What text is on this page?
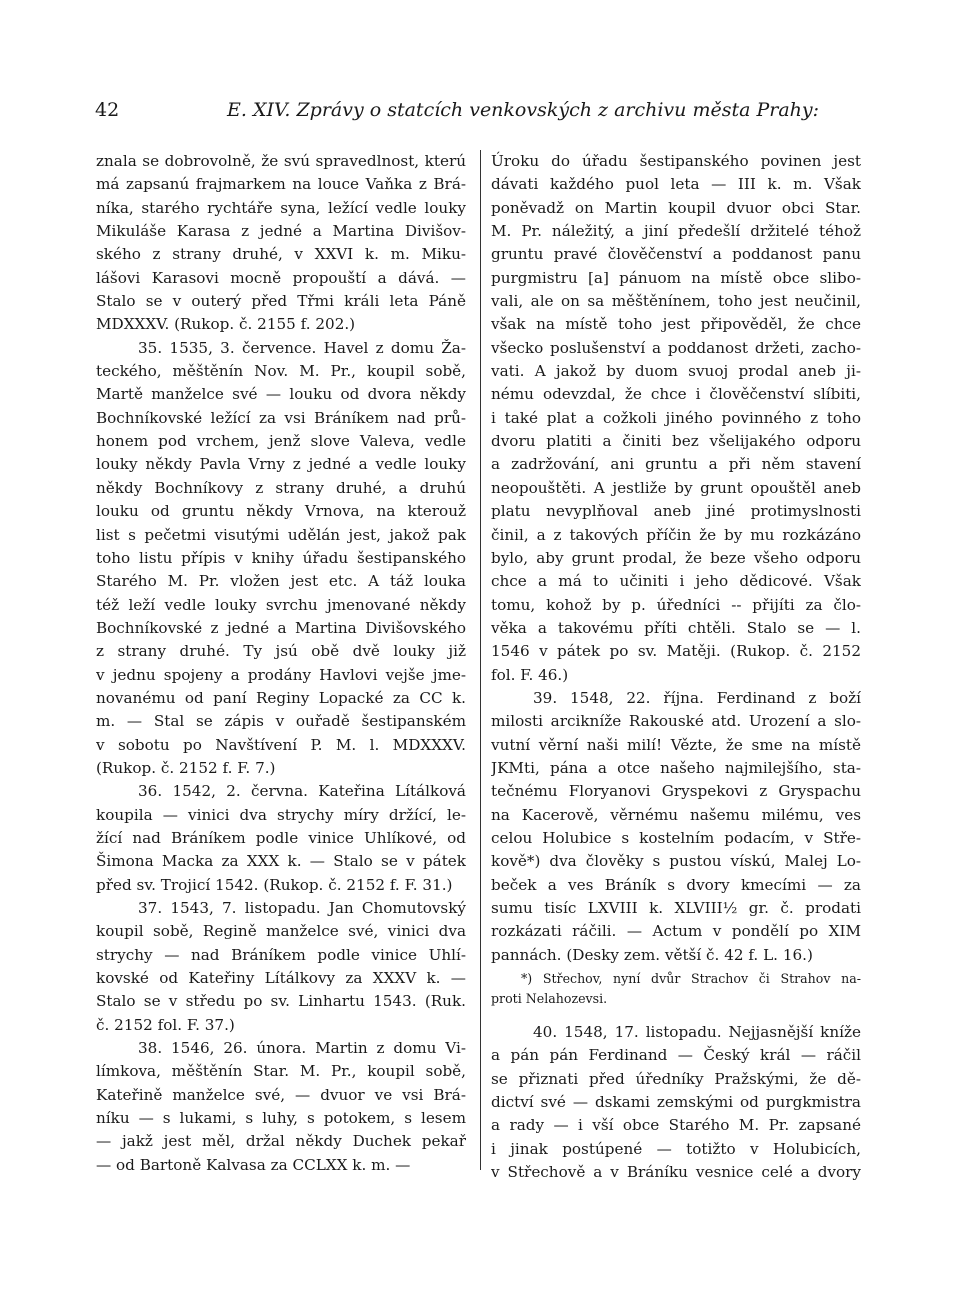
42	E. XIV. Zprávy o statcích venkovských z archivu města Prahy:
znala se dobrovolně, že svú spravedlnost, kterú
má zapsanú frajmarkem na louce Vaňka z Brá-
níka, starého rychtáře syna, ležící vedle louky
Mikuláše Karasa z jedné a Martina Divišov-
ského z strany druhé, v XXVI k. m. Miku-
lášovi Karasovi mocně propouští a dává. —
Stalo se v outerý před Třmi králi leta Páně
MDXXXV. (Rukop. č. 2155 f. 202.)
35. 1535, 3. července. Havel z domu Ža-
teckého, měštěnín Nov. M. Pr., koupil sobě,
Martě manželce své — louku od dvora někdy
Bochníkovské ležící za vsi Bráníkem nad prů-
honem pod vrchem, jenž slove Valeva, vedle
louky někdy Pavla Vrny z jedné a vedle louky
někdy Bochníkovy z strany druhé, a druhú
louku od gruntu někdy Vrnova, na kterouž
list s pečetmi visutými udělán jest, jakož pak
toho listu přípis v knihy úřadu šestipanského
Starého M. Pr. vložen jest etc. A táž louka
též leží vedle louky svrchu jmenované někdy
Bochníkovské z jedné a Martina Divišovského
z strany druhé. Ty jsú obě dvě louky již
v jednu spojeny a prodány Havlovi vejše jme-
novanému od paní Reginy Lopacké za CC k.
m. — Stal se zápis v ouřadě šestipanském
v sobotu po Navštívení P. M. l. MDXXXV.
(Rukop. č. 2152 f. F. 7.)
36. 1542, 2. června. Kateřina Lítálková
koupila — vinici dva strychy míry držící, le-
žící nad Bráníkem podle vinice Uhlíkové, od
Šimona Macka za XXX k. — Stalo se v pátek
před sv. Trojicí 1542. (Rukop. č. 2152 f. F. 31.)
37. 1543, 7. listopadu. Jan Chomutovský
koupil sobě, Regině manželce své, vinici dva
strychy — nad Bráníkem podle vinice Uhlí-
kovské od Kateřiny Lítálkovy za XXXV k. —
Stalo se v středu po sv. Linhartu 1543. (Ruk.
č. 2152 fol. F. 37.)
38. 1546, 26. února. Martin z domu Vi-
límkova, měštěnín Star. M. Pr., koupil sobě,
Kateřině manželce své, — dvuor ve vsi Brá-
níku — s lukami, s luhy, s potokem, s lesem
— jakž jest měl, držal někdy Duchek pekař
— od Bartoně Kalvasa za CCLXX k. m. —
Úroku do úřadu šestipanského povinen jest
dávati každého puol leta — III k. m. Však
poněvadž on Martin koupil dvuor obci Star.
M. Pr. náležitý, a jiní předešlí držitelé téhož
gruntu pravé člověčenství a poddanost panu
purgmistru [a] pánuom na místě obce slibo-
vali, ale on sa měštěnínem, toho jest neučinil,
však na místě toho jest připověděl, že chce
všecko poslušenství a poddanost držeti, zacho-
vati. A jakož by duom svuoj prodal aneb ji-
nému odevzdal, že chce i člověčenství slíbiti,
i také plat a cožkoli jiného povinného z toho
dvoru platiti a činiti bez všelijakého odporu
a zadržování, ani gruntu a při něm stavení
neopouštěti. A jestliže by grunt opouštěl aneb
platu nevyplňoval aneb jiné protimyslnosti
činil, a z takových příčin že by mu rozkázáno
bylo, aby grunt prodal, že beze všeho odporu
chce a má to učiniti i jeho dědicové. Však
tomu, kohož by p. úředníci -- přijíti za člo-
věka a takovému příti chtěli. Stalo se — l.
1546 v pátek po sv. Matěji. (Rukop. č. 2152
fol. F. 46.)
39. 1548, 22. října. Ferdinand z boží
milosti arcikníže Rakouské atd. Urození a slo-
vutní věrní naši milí! Vězte, že sme na místě
JKMti, pána a otce našeho najmilejšího, sta-
tečnému Floryanovi Gryspekovi z Gryspachu
na Kacerově, věrnému našemu milému, ves
celou Holubice s kostelním podacím, v Stře-
kově*) dva člověky s pustou vískú, Malej Lo-
beček a ves Bráník s dvory kmecími — za
sumu tisíc LXVIII k. XLVIII½ gr. č. prodati
rozkázati ráčili. — Actum v pondělí po XIM
pannách. (Desky zem. větší č. 42 f. L. 16.)
*) Střechov, nyní dvůr Strachov či Strahov na-
proti Nelahozevsi.
40. 1548, 17. listopadu. Nejjasnější kníže
a pán pán Ferdinand — Český král — ráčil
se přiznati před úředníky Pražskými, že dě-
dictví své — dskami zemskými od purgkmistra
a rady — i vší obce Starého M. Pr. zapsané
i jinak postúpené — totižto v Holubicích,
v Střechově a v Bráníku vesnice celé a dvory
